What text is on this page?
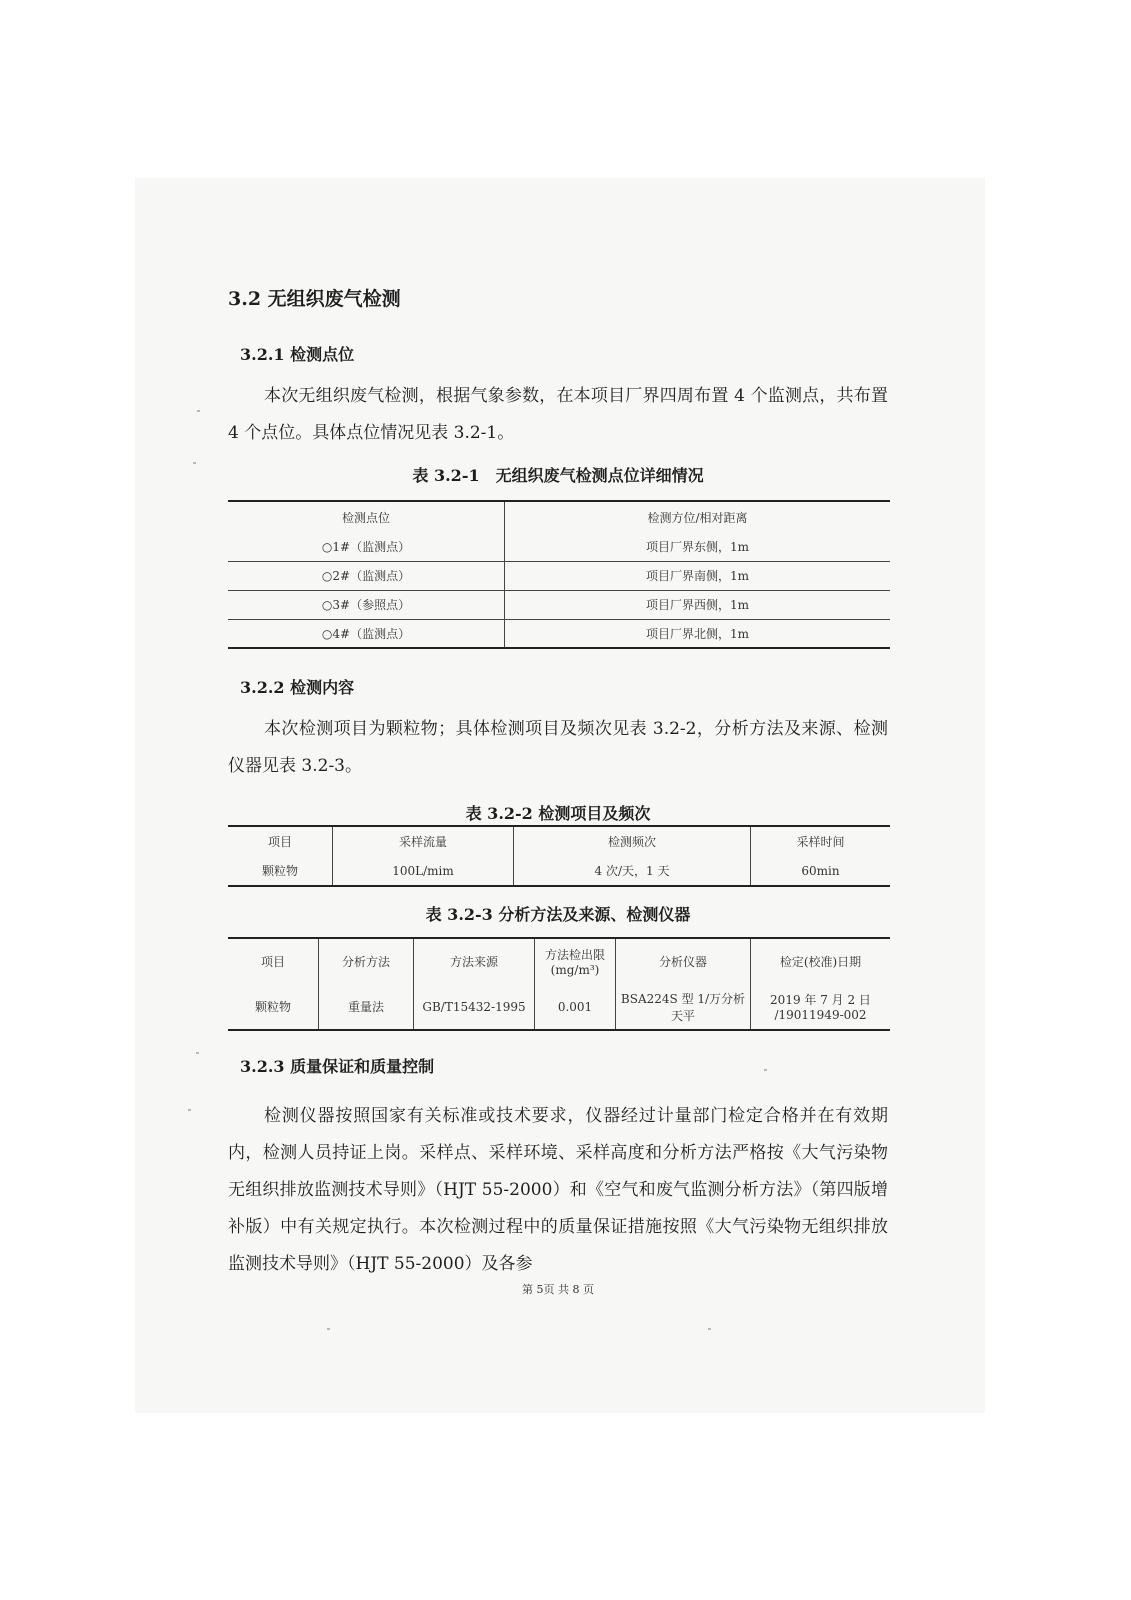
3.2 无组织废气检测
3.2.1 检测点位

本次无组织废气检测，根据气象参数，在本项目厂界四周布置 4 个监测点，共布置 4 个点位。具体点位情况见表 3.2-1。

表 3.2-1　无组织废气检测点位详细情况
检测点位	检测方位/相对距离
○1#（监测点）	项目厂界东侧，1m
○2#（监测点）	项目厂界南侧，1m
○3#（参照点）	项目厂界西侧，1m
○4#（监测点）	项目厂界北侧，1m
3.2.2 检测内容

本次检测项目为颗粒物；具体检测项目及频次见表 3.2-2，分析方法及来源、检测仪器见表 3.2-3。

表 3.2-2 检测项目及频次
项目	采样流量	检测频次	采样时间
颗粒物	100L/mim	4 次/天，1 天	60min
表 3.2-3 分析方法及来源、检测仪器
项目	分析方法	方法来源	方法检出限(mg/m³)	分析仪器	检定(校准)日期
颗粒物	重量法	GB/T15432-1995	0.001	BSA224S 型 1/万分析天平	2019 年 7 月 2 日 /19011949-002
3.2.3 质量保证和质量控制

检测仪器按照国家有关标准或技术要求，仪器经过计量部门检定合格并在有效期内，检测人员持证上岗。采样点、采样环境、采样高度和分析方法严格按《大气污染物无组织排放监测技术导则》（HJT 55-2000）和《空气和废气监测分析方法》（第四版增补版）中有关规定执行。本次检测过程中的质量保证措施按照《大气污染物无组织排放监测技术导则》（HJT 55-2000）及各参

第 5页 共 8 页
